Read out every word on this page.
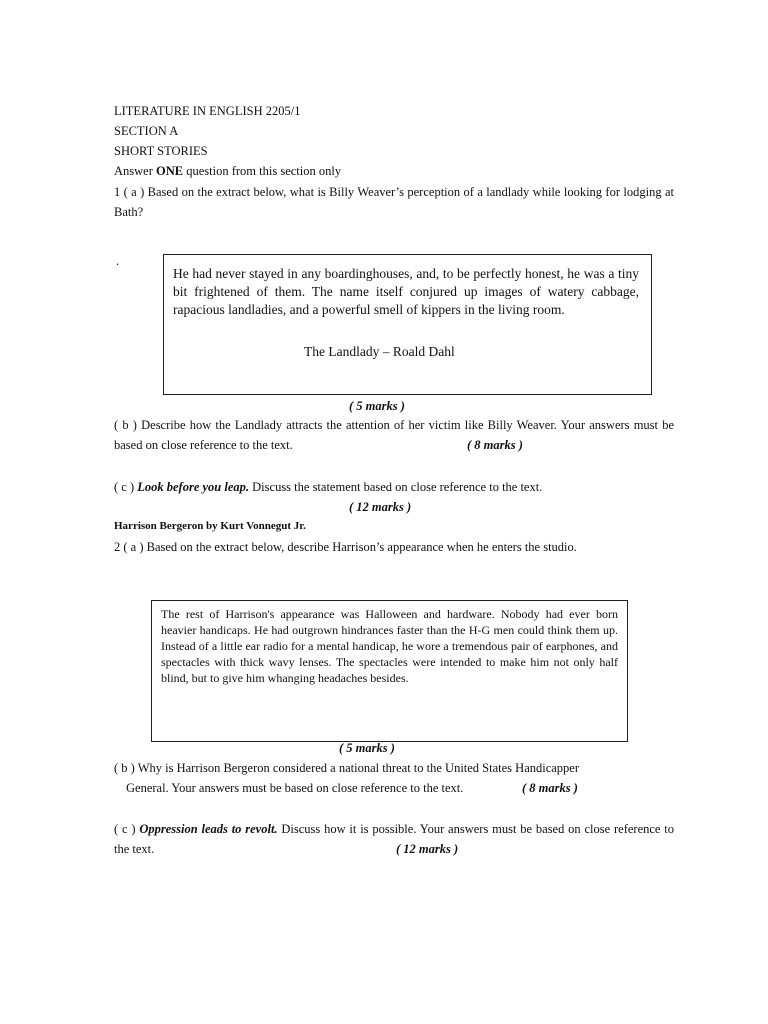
LITERATURE IN ENGLISH 2205/1
SECTION A
SHORT STORIES
Answer ONE question from this section only
1 ( a ) Based on the extract below, what is Billy Weaver’s perception of a landlady while looking for lodging at Bath?
.
He had never stayed in any boardinghouses, and, to be perfectly honest, he was a tiny bit frightened of them. The name itself conjured up images of watery cabbage, rapacious landladies, and a powerful smell of kippers in the living room.
The Landlady – Roald Dahl
( 5 marks )
( b ) Describe how the Landlady attracts the attention of her victim like Billy Weaver. Your answers must be based on close reference to the text.	( 8 marks )
( c ) Look before you leap. Discuss the statement based on close reference to the text.
( 12 marks )
Harrison Bergeron by Kurt Vonnegut Jr.
2 ( a ) Based on the extract below, describe Harrison’s appearance when he enters the studio.
The rest of Harrison's appearance was Halloween and hardware. Nobody had ever born heavier handicaps. He had outgrown hindrances faster than the H-G men could think them up. Instead of a little ear radio for a mental handicap, he wore a tremendous pair of earphones, and spectacles with thick wavy lenses. The spectacles were intended to make him not only half blind, but to give him whanging headaches besides.
( 5 marks )
( b ) Why is Harrison Bergeron considered a national threat to the United States Handicapper
General. Your answers must be based on close reference to the text.	( 8 marks )
( c ) Oppression leads to revolt. Discuss how it is possible. Your answers must be based on close reference to the text.	( 12 marks )
